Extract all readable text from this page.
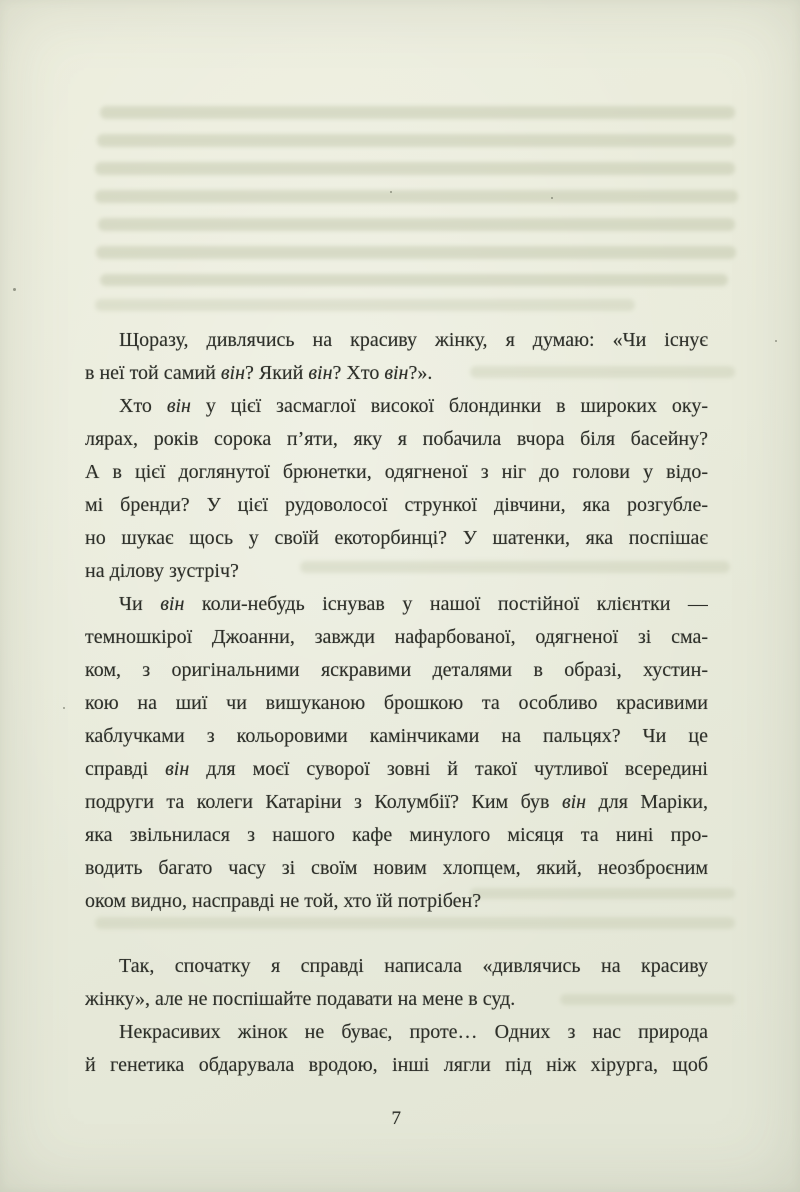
Щоразу, дивлячись на красиву жінку, я думаю: «Чи існує
в неї той самий він? Який він? Хто він?».
Хто він у цієї засмаглої високої блондинки в широких оку-
лярах, років сорока п’яти, яку я побачила вчора біля басейну?
А в цієї доглянутої брюнетки, одягненої з ніг до голови у відо-
мі бренди? У цієї рудоволосої стрункої дівчини, яка розгубле-
но шукає щось у своїй екоторбинці? У шатенки, яка поспішає
на ділову зустріч?
Чи він коли-небудь існував у нашої постійної клієнтки —
темношкірої Джоанни, завжди нафарбованої, одягненої зі сма-
ком, з оригінальними яскравими деталями в образі, хустин-
кою на шиї чи вишуканою брошкою та особливо красивими
каблучками з кольоровими камінчиками на пальцях? Чи це
справді він для моєї суворої зовні й такої чутливої всередині
подруги та колеги Катаріни з Колумбії? Ким був він для Маріки,
яка звільнилася з нашого кафе минулого місяця та нині про-
водить багато часу зі своїм новим хлопцем, який, неозброєним
оком видно, насправді не той, хто їй потрібен?
Так, спочатку я справді написала «дивлячись на красиву
жінку», але не поспішайте подавати на мене в суд.
Некрасивих жінок не буває, проте… Одних з нас природа
й генетика обдарувала вродою, інші лягли під ніж хірурга, щоб
7
